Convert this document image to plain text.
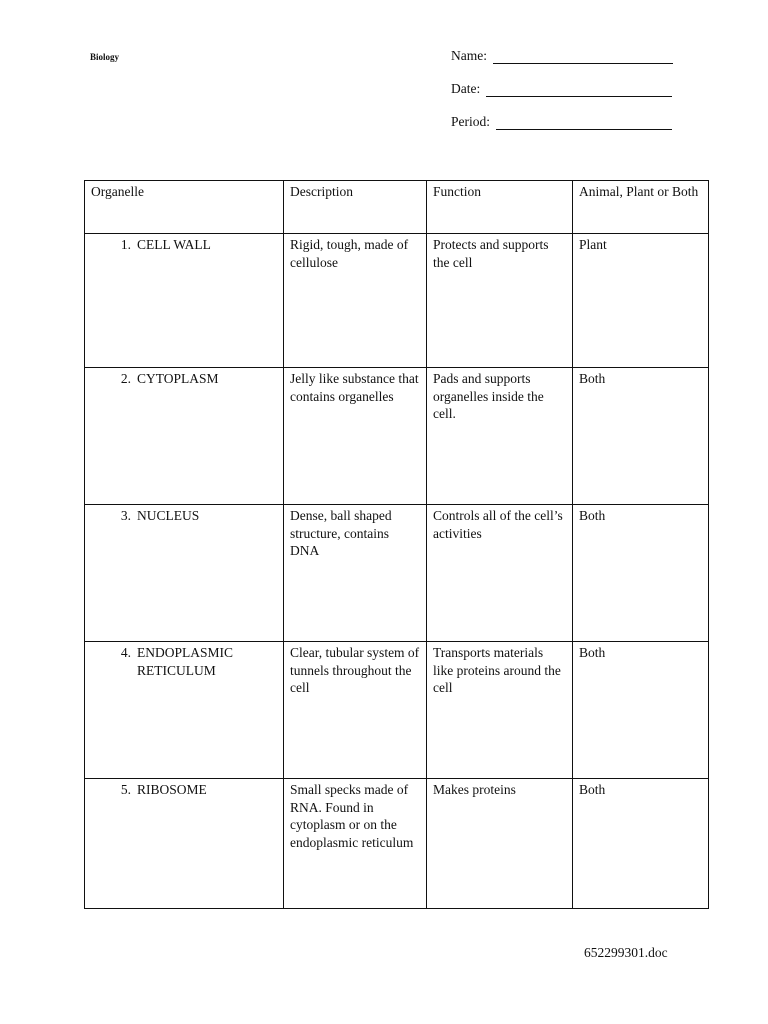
Biology	Name:
Date:
Period:
Organelle	Description	Function	Animal, Plant or Both

1. CELL WALL	Rigid, tough, made of cellulose	Protects and supports the cell	Plant

2. CYTOPLASM	Jelly like substance that contains organelles	Pads and supports organelles inside the cell.	Both

3. NUCLEUS	Dense, ball shaped structure, contains DNA	Controls all of the cell’s activities	Both

4. ENDOPLASMIC RETICULUM	Clear, tubular system of tunnels throughout the cell	Transports materials like proteins around the cell	Both

5. RIBOSOME	Small specks made of RNA. Found in cytoplasm or on the endoplasmic reticulum	Makes proteins	Both
652299301.doc
